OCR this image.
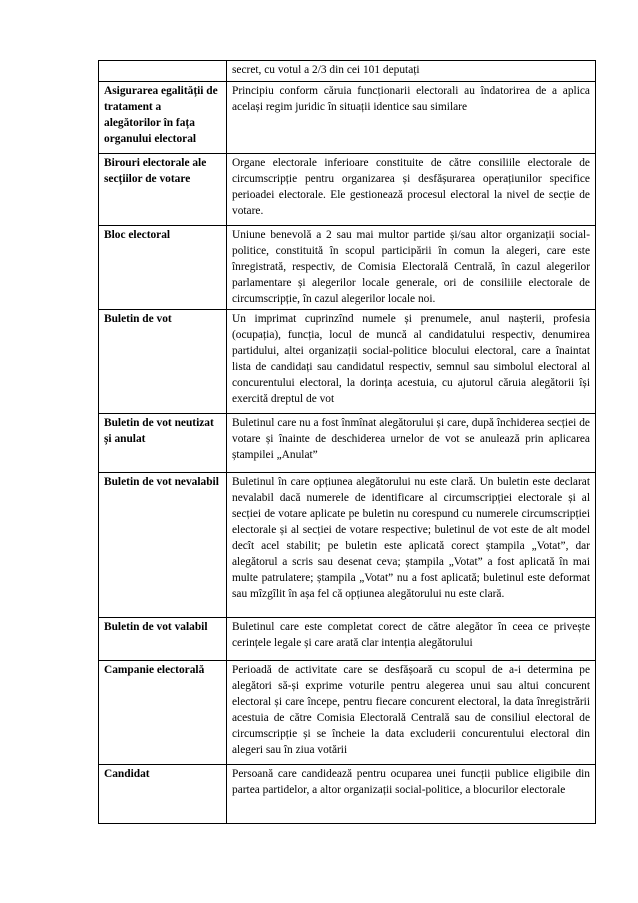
	secret, cu votul a 2/3 din cei 101 deputați
Asigurarea egalității de tratament a alegătorilor în fața organului electoral	Principiu conform căruia funcționarii electorali au îndatorirea de a aplica același regim juridic în situații identice sau similare
Birouri electorale ale secțiilor de votare	Organe electorale inferioare constituite de către consiliile electorale de circumscripție pentru organizarea și desfășurarea operațiunilor specifice perioadei electorale. Ele gestionează procesul electoral la nivel de secție de votare.
Bloc electoral	Uniune benevolă a 2 sau mai multor partide și/sau altor organizații social-politice, constituită în scopul participării în comun la alegeri, care este înregistrată, respectiv, de Comisia Electorală Centrală, în cazul alegerilor parlamentare și alegerilor locale generale, ori de consiliile electorale de circumscripție, în cazul alegerilor locale noi.
Buletin de vot	Un imprimat cuprinzînd numele și prenumele, anul nașterii, profesia (ocupația), funcția, locul de muncă al candidatului respectiv, denumirea partidului, altei organizații social-politice blocului electoral, care a înaintat lista de candidați sau candidatul respectiv, semnul sau simbolul electoral al concurentului electoral, la dorința acestuia, cu ajutorul căruia alegătorii își exercită dreptul de vot
Buletin de vot neutizat și anulat	Buletinul care nu a fost înmînat alegătorului și care, după închiderea secției de votare și înainte de deschiderea urnelor de vot se anulează prin aplicarea ștampilei „Anulat”
Buletin de vot nevalabil	Buletinul în care opțiunea alegătorului nu este clară. Un buletin este declarat nevalabil dacă numerele de identificare al circumscripției electorale și al secției de votare aplicate pe buletin nu corespund cu numerele circumscripției electorale și al secției de votare respective; buletinul de vot este de alt model decît acel stabilit; pe buletin este aplicată corect ștampila „Votat”, dar alegătorul a scris sau desenat ceva; ștampila „Votat” a fost aplicată în mai multe patrulatere; ștampila „Votat” nu a fost aplicată; buletinul este deformat sau mîzgîlit în așa fel că opțiunea alegătorului nu este clară.
Buletin de vot valabil	Buletinul care este completat corect de către alegător în ceea ce privește cerințele legale și care arată clar intenția alegătorului
Campanie electorală	Perioadă de activitate care se desfășoară cu scopul de a-i determina pe alegători să-și exprime voturile pentru alegerea unui sau altui concurent electoral și care începe, pentru fiecare concurent electoral, la data înregistrării acestuia de către Comisia Electorală Centrală sau de consiliul electoral de circumscripție și se încheie la data excluderii concurentului electoral din alegeri sau în ziua votării
Candidat	Persoană care candidează pentru ocuparea unei funcții publice eligibile din partea partidelor, a altor organizații social-politice, a blocurilor electorale
